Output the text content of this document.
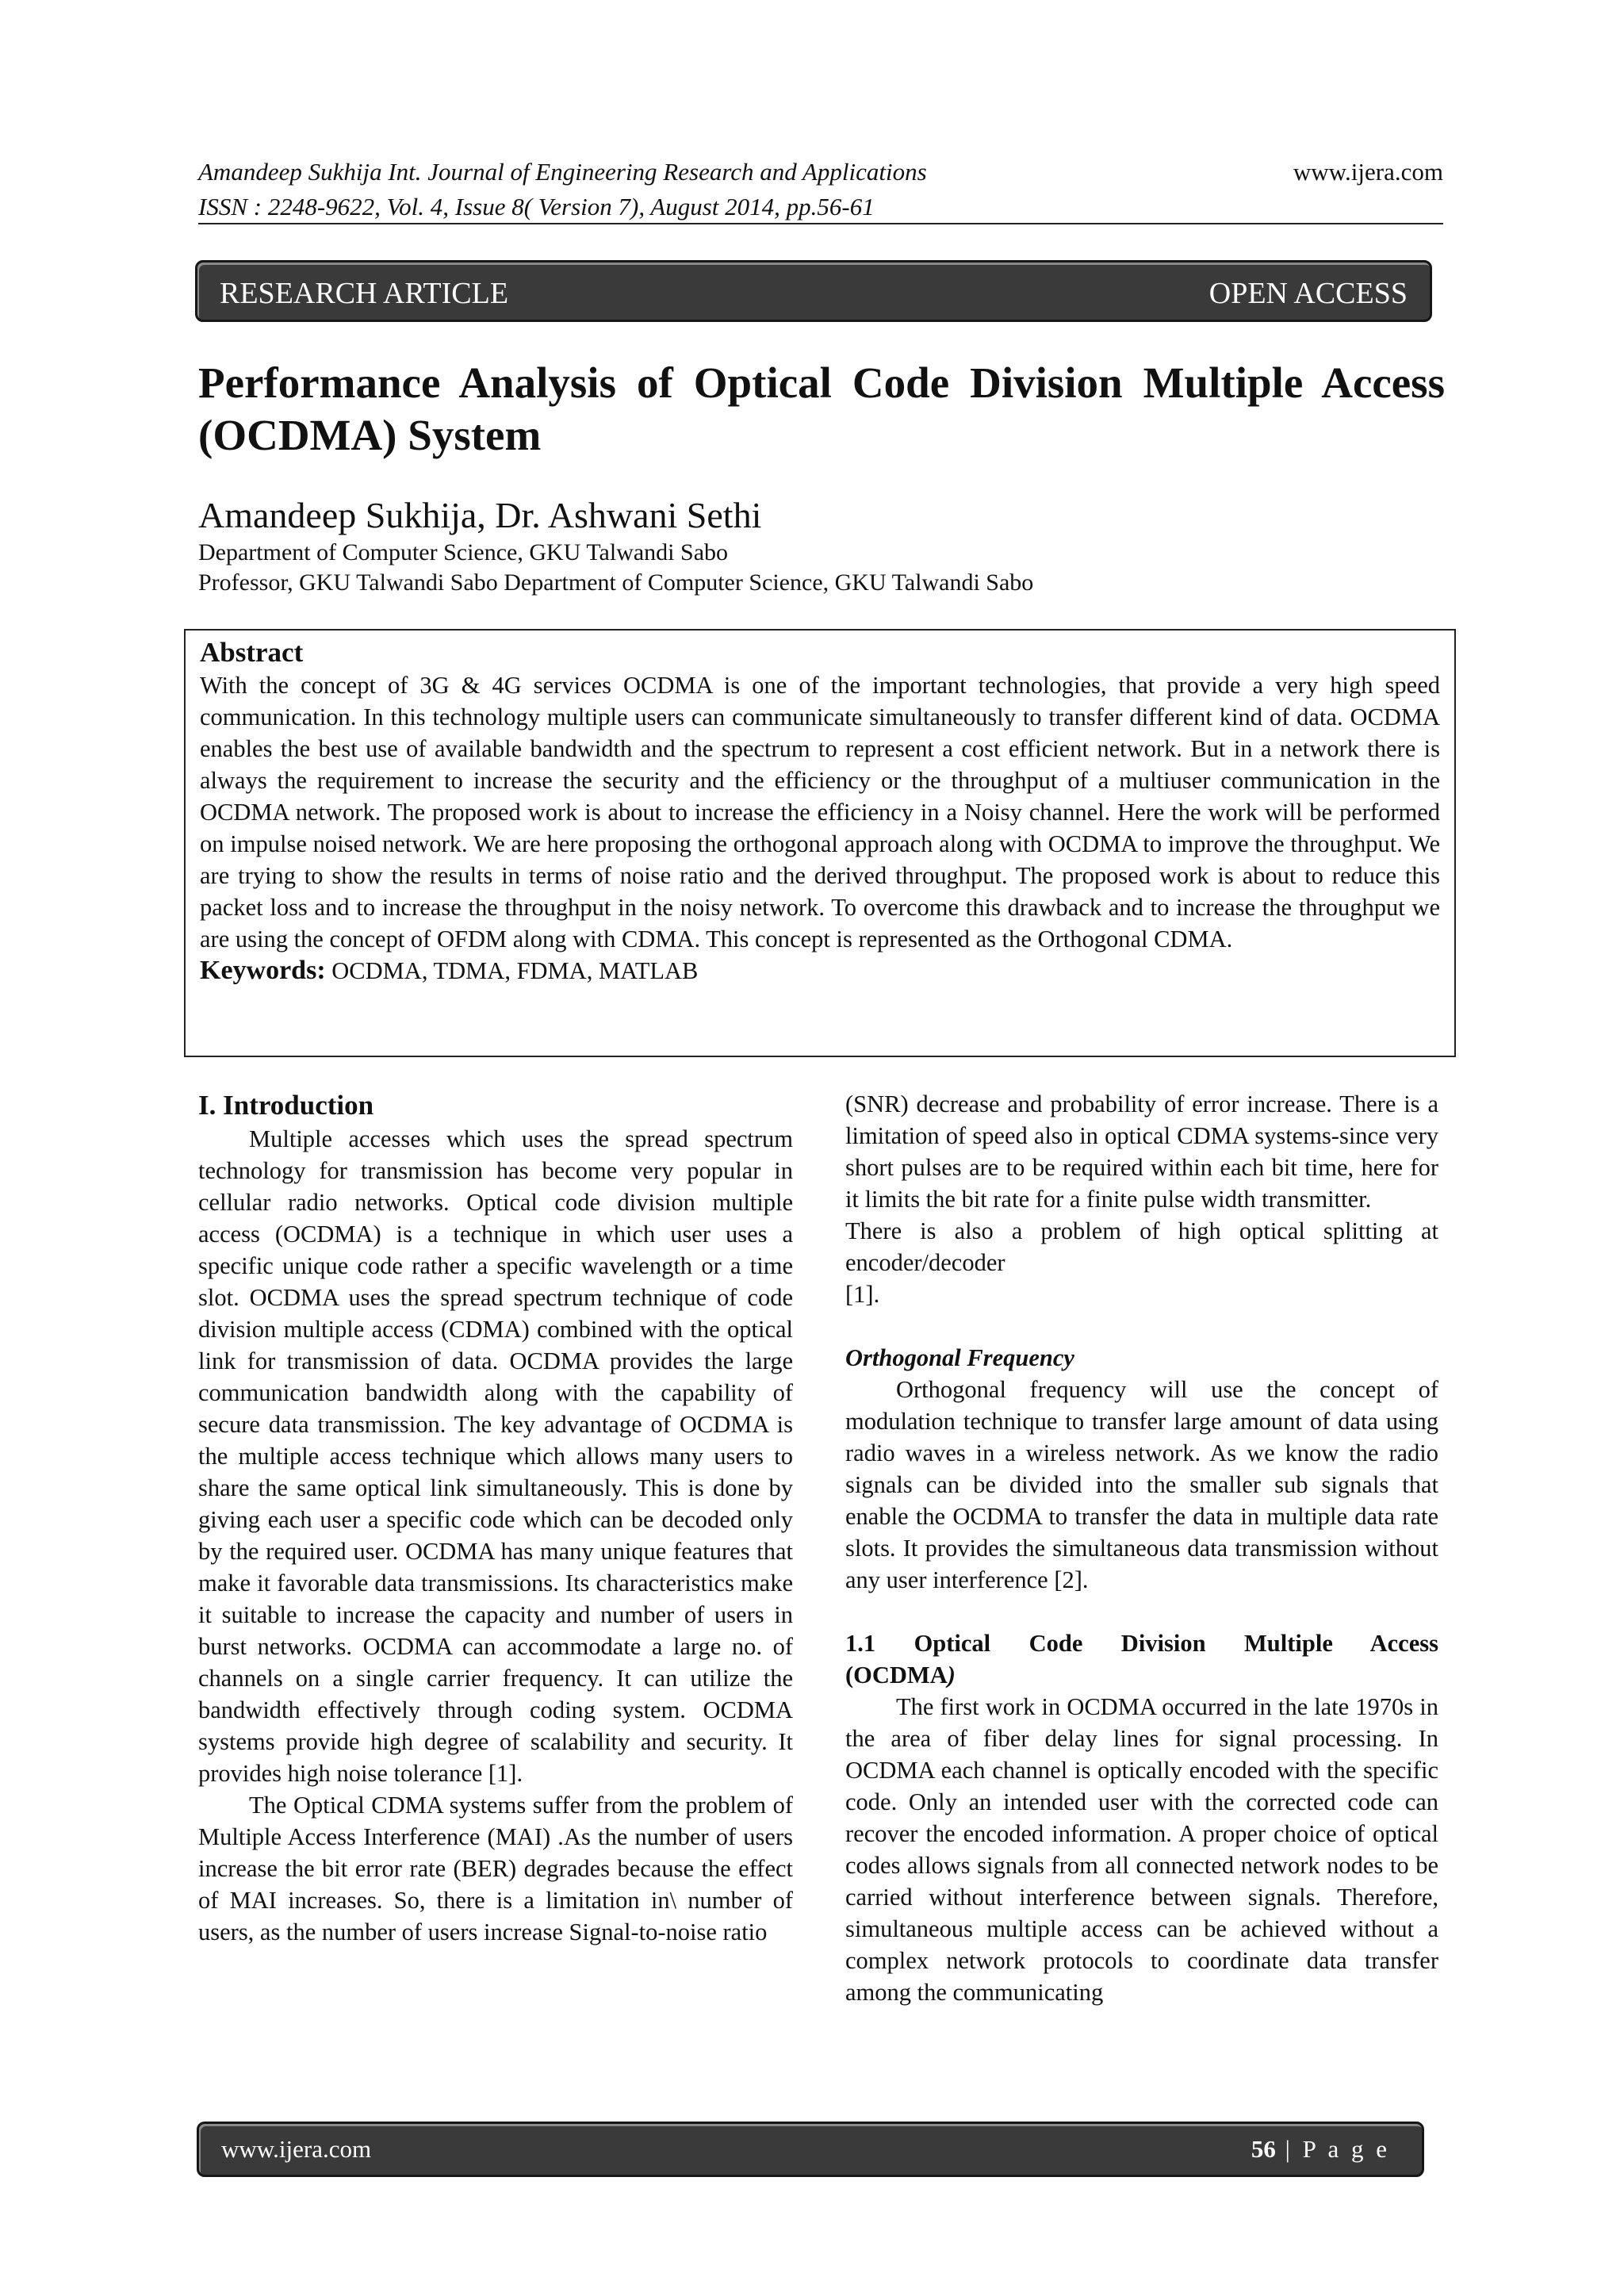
Amandeep Sukhija Int. Journal of Engineering Research and Applications
ISSN : 2248-9622, Vol. 4, Issue 8( Version 7), August 2014, pp.56-61
www.ijera.com
RESEARCH ARTICLE	OPEN ACCESS
Performance Analysis of Optical Code Division Multiple Access
(OCDMA) System
Amandeep Sukhija, Dr. Ashwani Sethi
Department of Computer Science, GKU Talwandi Sabo
Professor, GKU Talwandi Sabo Department of Computer Science, GKU Talwandi Sabo

Abstract

With the concept of 3G & 4G services OCDMA is one of the important technologies, that provide a very high speed communication. In this technology multiple users can communicate simultaneously to transfer different kind of data. OCDMA enables the best use of available bandwidth and the spectrum to represent a cost efficient network. But in a network there is always the requirement to increase the security and the efficiency or the throughput of a multiuser communication in the OCDMA network. The proposed work is about to increase the efficiency in a Noisy channel. Here the work will be performed on impulse noised network. We are here proposing the orthogonal approach along with OCDMA to improve the throughput. We are trying to show the results in terms of noise ratio and the derived throughput. The proposed work is about to reduce this packet loss and to increase the throughput in the noisy network. To overcome this drawback and to increase the throughput we are using the concept of OFDM along with CDMA. This concept is represented as the Orthogonal CDMA.

Keywords: OCDMA, TDMA, FDMA, MATLAB

I. Introduction

Multiple accesses which uses the spread spectrum technology for transmission has become very popular in cellular radio networks. Optical code division multiple access (OCDMA) is a technique in which user uses a specific unique code rather a specific wavelength or a time slot. OCDMA uses the spread spectrum technique of code division multiple access (CDMA) combined with the optical link for transmission of data. OCDMA provides the large communication bandwidth along with the capability of secure data transmission. The key advantage of OCDMA is the multiple access technique which allows many users to share the same optical link simultaneously. This is done by giving each user a specific code which can be decoded only by the required user. OCDMA has many unique features that make it favorable data transmissions. Its characteristics make it suitable to increase the capacity and number of users in burst networks. OCDMA can accommodate a large no. of channels on a single carrier frequency. It can utilize the bandwidth effectively through coding system. OCDMA systems provide high degree of scalability and security. It provides high noise tolerance [1].

The Optical CDMA systems suffer from the problem of Multiple Access Interference (MAI) .As the number of users increase the bit error rate (BER) degrades because the effect of MAI increases. So, there is a limitation in\ number of users, as the number of users increase Signal-to-noise ratio

(SNR) decrease and probability of error increase. There is a limitation of speed also in optical CDMA systems-since very short pulses are to be required within each bit time, here for it limits the bit rate for a finite pulse width transmitter.

There is also a problem of high optical splitting at encoder/decoder

[1].

Orthogonal Frequency

Orthogonal frequency will use the concept of modulation technique to transfer large amount of data using radio waves in a wireless network. As we know the radio signals can be divided into the smaller sub signals that enable the OCDMA to transfer the data in multiple data rate slots. It provides the simultaneous data transmission without any user interference [2].

1.1 Optical Code Division Multiple Access
(OCDMA)

The first work in OCDMA occurred in the late 1970s in the area of fiber delay lines for signal processing. In OCDMA each channel is optically encoded with the specific code. Only an intended user with the corrected code can recover the encoded information. A proper choice of optical codes allows signals from all connected network nodes to be carried without interference between signals. Therefore, simultaneous multiple access can be achieved without a complex network protocols to coordinate data transfer among the communicating

www.ijera.com	56 | P a g e
